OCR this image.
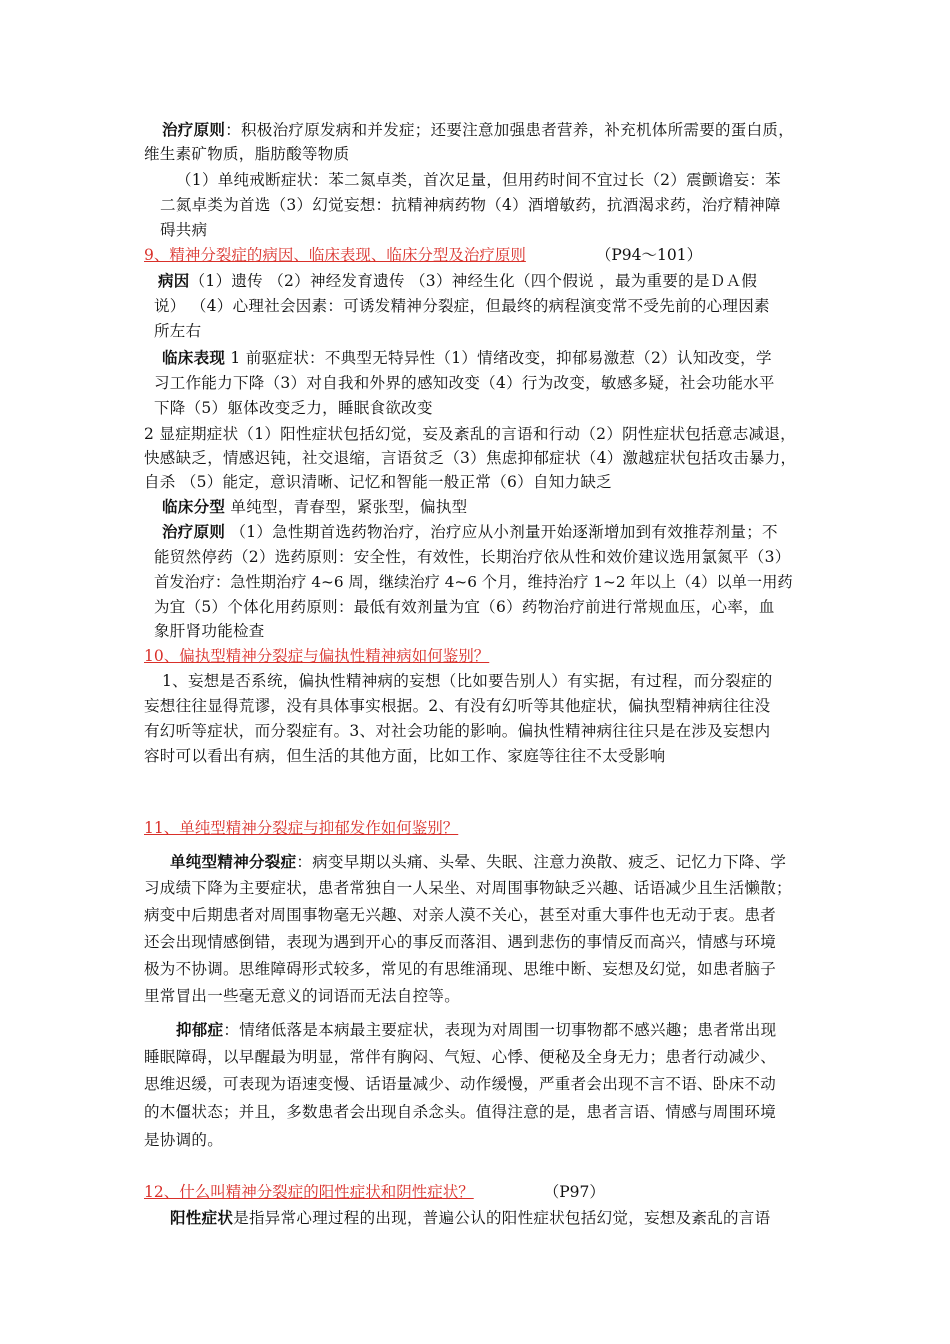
治疗原则：积极治疗原发病和并发症；还要注意加强患者营养，补充机体所需要的蛋白质，
维生素矿物质，脂肪酸等物质
（1）单纯戒断症状：苯二氮卓类，首次足量，但用药时间不宜过长（2）震颤谵妄：苯
二氮卓类为首选（3）幻觉妄想：抗精神病药物（4）酒增敏药，抗酒渴求药，治疗精神障
碍共病
9、精神分裂症的病因、临床表现、临床分型及治疗原则	（P94～101）
病因（1）遗传 （2）神经发育遗传 （3）神经生化（四个假说 ，最为重要的是ＤＡ假
说） （4）心理社会因素：可诱发精神分裂症，但最终的病程演变常不受先前的心理因素
所左右
临床表现 1 前驱症状：不典型无特异性（1）情绪改变，抑郁易激惹（2）认知改变，学
习工作能力下降（3）对自我和外界的感知改变（4）行为改变，敏感多疑，社会功能水平
下降（5）躯体改变乏力，睡眠食欲改变
2 显症期症状（1）阳性症状包括幻觉，妄及紊乱的言语和行动（2）阴性症状包括意志减退，
快感缺乏，情感迟钝，社交退缩，言语贫乏（3）焦虑抑郁症状（4）激越症状包括攻击暴力，
自杀 （5）能定，意识清晰、记忆和智能一般正常（6）自知力缺乏
临床分型 单纯型，青春型，紧张型，偏执型
治疗原则 （1）急性期首选药物治疗，治疗应从小剂量开始逐渐增加到有效推荐剂量；不
能贸然停药（2）选药原则：安全性，有效性，长期治疗依从性和效价建议选用氯氮平（3）
首发治疗：急性期治疗 4~6 周，继续治疗 4~6 个月，维持治疗 1~2 年以上（4）以单一用药
为宜（5）个体化用药原则：最低有效剂量为宜（6）药物治疗前进行常规血压，心率，血
象肝肾功能检查
10、偏执型精神分裂症与偏执性精神病如何鉴别？
1、妄想是否系统，偏执性精神病的妄想（比如要告别人）有实据，有过程，而分裂症的
妄想往往显得荒谬，没有具体事实根据。2、有没有幻听等其他症状，偏执型精神病往往没
有幻听等症状，而分裂症有。3、对社会功能的影响。偏执性精神病往往只是在涉及妄想内
容时可以看出有病，但生活的其他方面，比如工作、家庭等往往不太受影响
11、单纯型精神分裂症与抑郁发作如何鉴别？
单纯型精神分裂症：病变早期以头痛、头晕、失眠、注意力涣散、疲乏、记忆力下降、学
习成绩下降为主要症状，患者常独自一人呆坐、对周围事物缺乏兴趣、话语减少且生活懒散；
病变中后期患者对周围事物毫无兴趣、对亲人漠不关心，甚至对重大事件也无动于衷。患者
还会出现情感倒错，表现为遇到开心的事反而落泪、遇到悲伤的事情反而高兴，情感与环境
极为不协调。思维障碍形式较多，常见的有思维涌现、思维中断、妄想及幻觉，如患者脑子
里常冒出一些毫无意义的词语而无法自控等。
抑郁症：情绪低落是本病最主要症状，表现为对周围一切事物都不感兴趣；患者常出现
睡眠障碍，以早醒最为明显，常伴有胸闷、气短、心悸、便秘及全身无力；患者行动减少、
思维迟缓，可表现为语速变慢、话语量减少、动作缓慢，严重者会出现不言不语、卧床不动
的木僵状态；并且，多数患者会出现自杀念头。值得注意的是，患者言语、情感与周围环境
是协调的。
12、什么叫精神分裂症的阳性症状和阴性症状？	（P97）
阳性症状是指异常心理过程的出现，普遍公认的阳性症状包括幻觉，妄想及紊乱的言语
